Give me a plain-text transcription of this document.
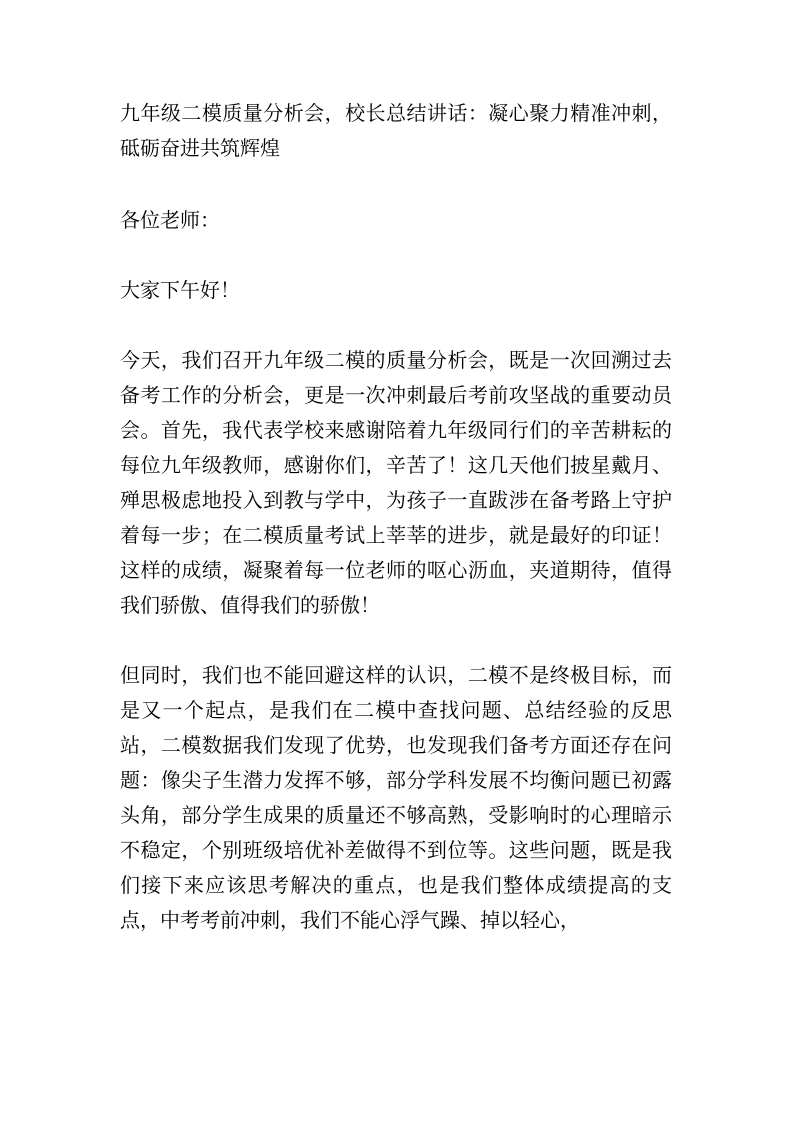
九年级二模质量分析会，校长总结讲话：凝心聚力精准冲刺，砥砺奋进共筑辉煌

各位老师：

大家下午好！

今天，我们召开九年级二模的质量分析会，既是一次回溯过去备考工作的分析会，更是一次冲刺最后考前攻坚战的重要动员会。首先，我代表学校来感谢陪着九年级同行们的辛苦耕耘的每位九年级教师，感谢你们，辛苦了！这几天他们披星戴月、殚思极虑地投入到教与学中，为孩子一直跋涉在备考路上守护着每一步；在二模质量考试上莘莘的进步，就是最好的印证！这样的成绩，凝聚着每一位老师的呕心沥血，夹道期待，值得我们骄傲、值得我们的骄傲！

但同时，我们也不能回避这样的认识，二模不是终极目标，而是又一个起点，是我们在二模中查找问题、总结经验的反思站，二模数据我们发现了优势，也发现我们备考方面还存在问题：像尖子生潜力发挥不够，部分学科发展不均衡问题已初露头角，部分学生成果的质量还不够高熟，受影响时的心理暗示不稳定，个别班级培优补差做得不到位等。这些问题，既是我们接下来应该思考解决的重点，也是我们整体成绩提高的支点，中考考前冲刺，我们不能心浮气躁、掉以轻心，
